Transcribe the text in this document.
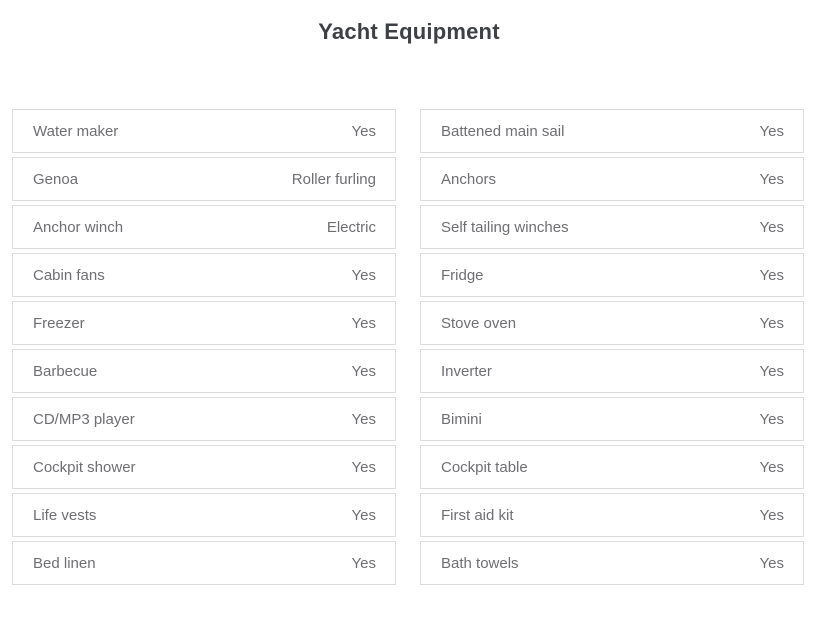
Yacht Equipment
Water maker	Yes
Genoa	Roller furling
Anchor winch	Electric
Cabin fans	Yes
Freezer	Yes
Barbecue	Yes
CD/MP3 player	Yes
Cockpit shower	Yes
Life vests	Yes
Bed linen	Yes
Battened main sail	Yes
Anchors	Yes
Self tailing winches	Yes
Fridge	Yes
Stove oven	Yes
Inverter	Yes
Bimini	Yes
Cockpit table	Yes
First aid kit	Yes
Bath towels	Yes
